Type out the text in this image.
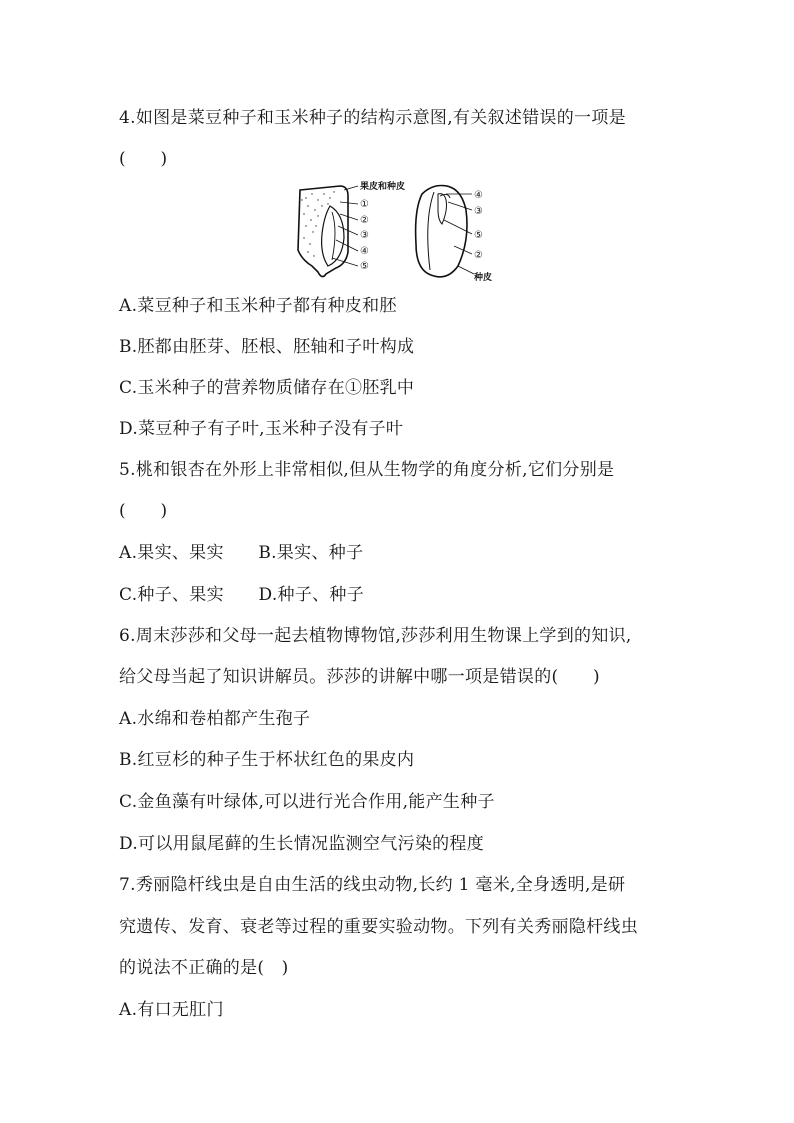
4.如图是菜豆种子和玉米种子的结构示意图,有关叙述错误的一项是
(　　)
果皮和种皮
①
②
③
④
⑤
④
③
⑤
②
种皮
A.菜豆种子和玉米种子都有种皮和胚
B.胚都由胚芽、胚根、胚轴和子叶构成
C.玉米种子的营养物质储存在①胚乳中
D.菜豆种子有子叶,玉米种子没有子叶
5.桃和银杏在外形上非常相似,但从生物学的角度分析,它们分别是
(　　)
A.果实、果实　　B.果实、种子
C.种子、果实　　D.种子、种子
6.周末莎莎和父母一起去植物博物馆,莎莎利用生物课上学到的知识,
给父母当起了知识讲解员。莎莎的讲解中哪一项是错误的(　　)
A.水绵和卷柏都产生孢子
B.红豆杉的种子生于杯状红色的果皮内
C.金鱼藻有叶绿体,可以进行光合作用,能产生种子
D.可以用鼠尾藓的生长情况监测空气污染的程度
7.秀丽隐杆线虫是自由生活的线虫动物,长约 1 毫米,全身透明,是研
究遗传、发育、衰老等过程的重要实验动物。下列有关秀丽隐杆线虫
的说法不正确的是(　)
A.有口无肛门
